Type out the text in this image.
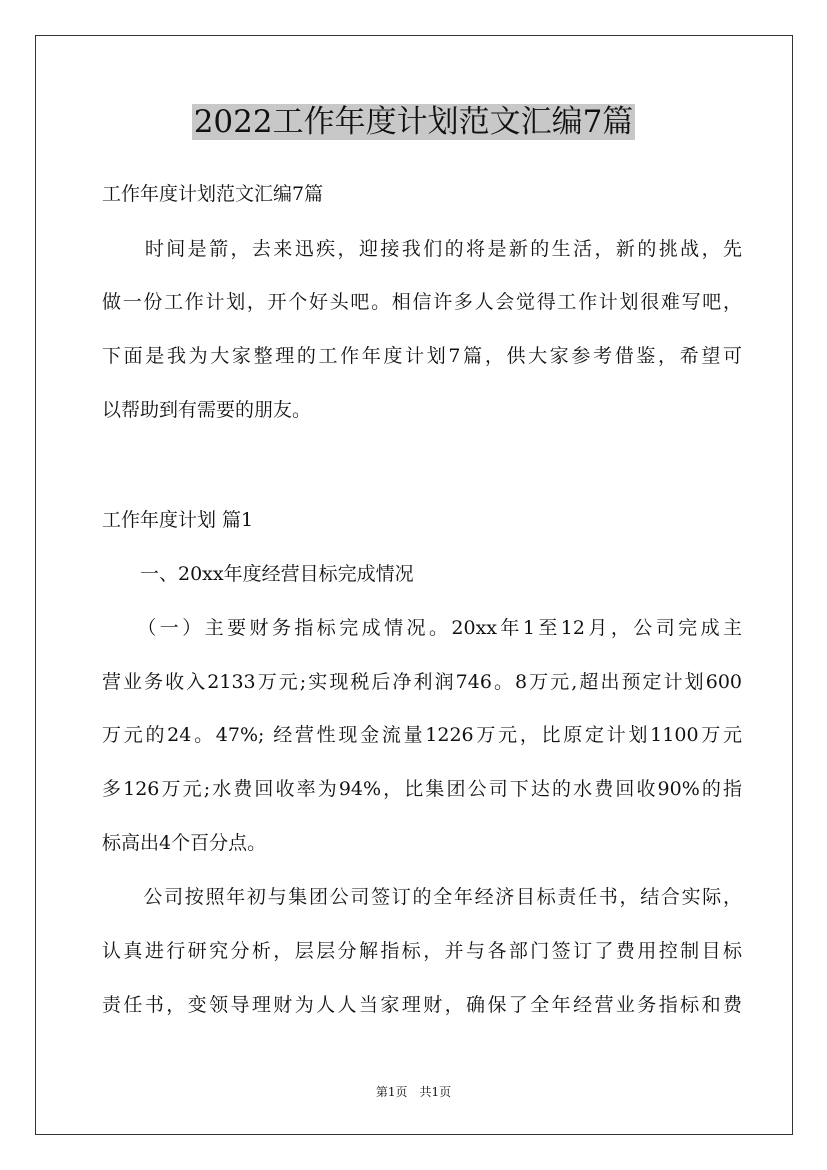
2022工作年度计划范文汇编7篇
工作年度计划范文汇编7篇
　　时间是箭，去来迅疾，迎接我们的将是新的生活，新的挑战，先
做一份工作计划，开个好头吧。相信许多人会觉得工作计划很难写吧，
下面是我为大家整理的工作年度计划7篇，供大家参考借鉴，希望可
以帮助到有需要的朋友。
工作年度计划 篇1
　　一、20xx年度经营目标完成情况
　　（一）主要财务指标完成情况。20xx年1至12月，公司完成主
营业务收入2133万元;实现税后净利润746。8万元,超出预定计划600
万元的24。47%; 经营性现金流量1226万元，比原定计划1100万元
多126万元;水费回收率为94%，比集团公司下达的水费回收90%的指
标高出4个百分点。
　　公司按照年初与集团公司签订的全年经济目标责任书，结合实际，
认真进行研究分析，层层分解指标，并与各部门签订了费用控制目标
责任书，变领导理财为人人当家理财，确保了全年经营业务指标和费
第1页　共1页
